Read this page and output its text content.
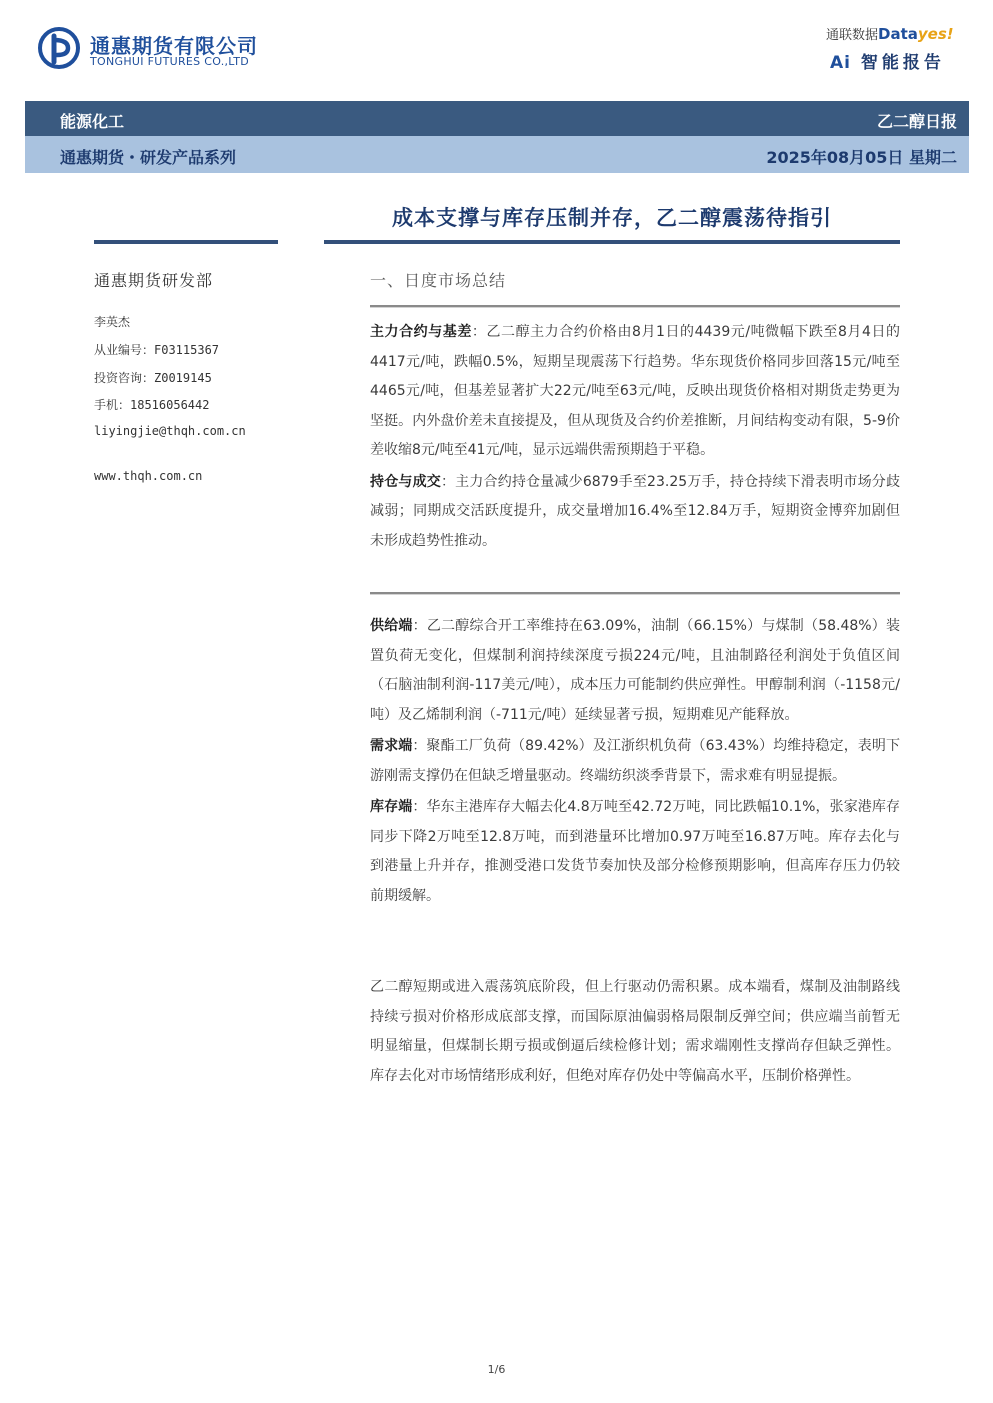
通惠期货有限公司
TONGHUI FUTURES CO.,LTD
通联数据Datayes!
Ai 智能报告
能源化工	乙二醇日报
通惠期货・研发产品系列	2025年08月05日 星期二
成本支撑与库存压制并存，乙二醇震荡待指引
通惠期货研发部
李英杰
从业编号：F03115367
投资咨询：Z0019145
手机：18516056442
liyingjie@thqh.com.cn
www.thqh.com.cn
一、日度市场总结

主力合约与基差：乙二醇主力合约价格由8月1日的4439元/吨微幅下跌至8月4日的4417元/吨，跌幅0.5%，短期呈现震荡下行趋势。华东现货价格同步回落15元/吨至4465元/吨，但基差显著扩大22元/吨至63元/吨，反映出现货价格相对期货走势更为坚挺。内外盘价差未直接提及，但从现货及合约价差推断，月间结构变动有限，5-9价差收缩8元/吨至41元/吨，显示远端供需预期趋于平稳。

持仓与成交：主力合约持仓量减少6879手至23.25万手，持仓持续下滑表明市场分歧减弱；同期成交活跃度提升，成交量增加16.4%至12.84万手，短期资金博弈加剧但未形成趋势性推动。

供给端：乙二醇综合开工率维持在63.09%，油制（66.15%）与煤制（58.48%）装置负荷无变化，但煤制利润持续深度亏损224元/吨，且油制路径利润处于负值区间（石脑油制利润-117美元/吨），成本压力可能制约供应弹性。甲醇制利润（-1158元/吨）及乙烯制利润（-711元/吨）延续显著亏损，短期难见产能释放。

需求端：聚酯工厂负荷（89.42%）及江浙织机负荷（63.43%）均维持稳定，表明下游刚需支撑仍在但缺乏增量驱动。终端纺织淡季背景下，需求难有明显提振。

库存端：华东主港库存大幅去化4.8万吨至42.72万吨，同比跌幅10.1%，张家港库存同步下降2万吨至12.8万吨，而到港量环比增加0.97万吨至16.87万吨。库存去化与到港量上升并存，推测受港口发货节奏加快及部分检修预期影响，但高库存压力仍较前期缓解。

乙二醇短期或进入震荡筑底阶段，但上行驱动仍需积累。成本端看，煤制及油制路线持续亏损对价格形成底部支撑，而国际原油偏弱格局限制反弹空间；供应端当前暂无明显缩量，但煤制长期亏损或倒逼后续检修计划；需求端刚性支撑尚存但缺乏弹性。库存去化对市场情绪形成利好，但绝对库存仍处中等偏高水平，压制价格弹性。

1/6
